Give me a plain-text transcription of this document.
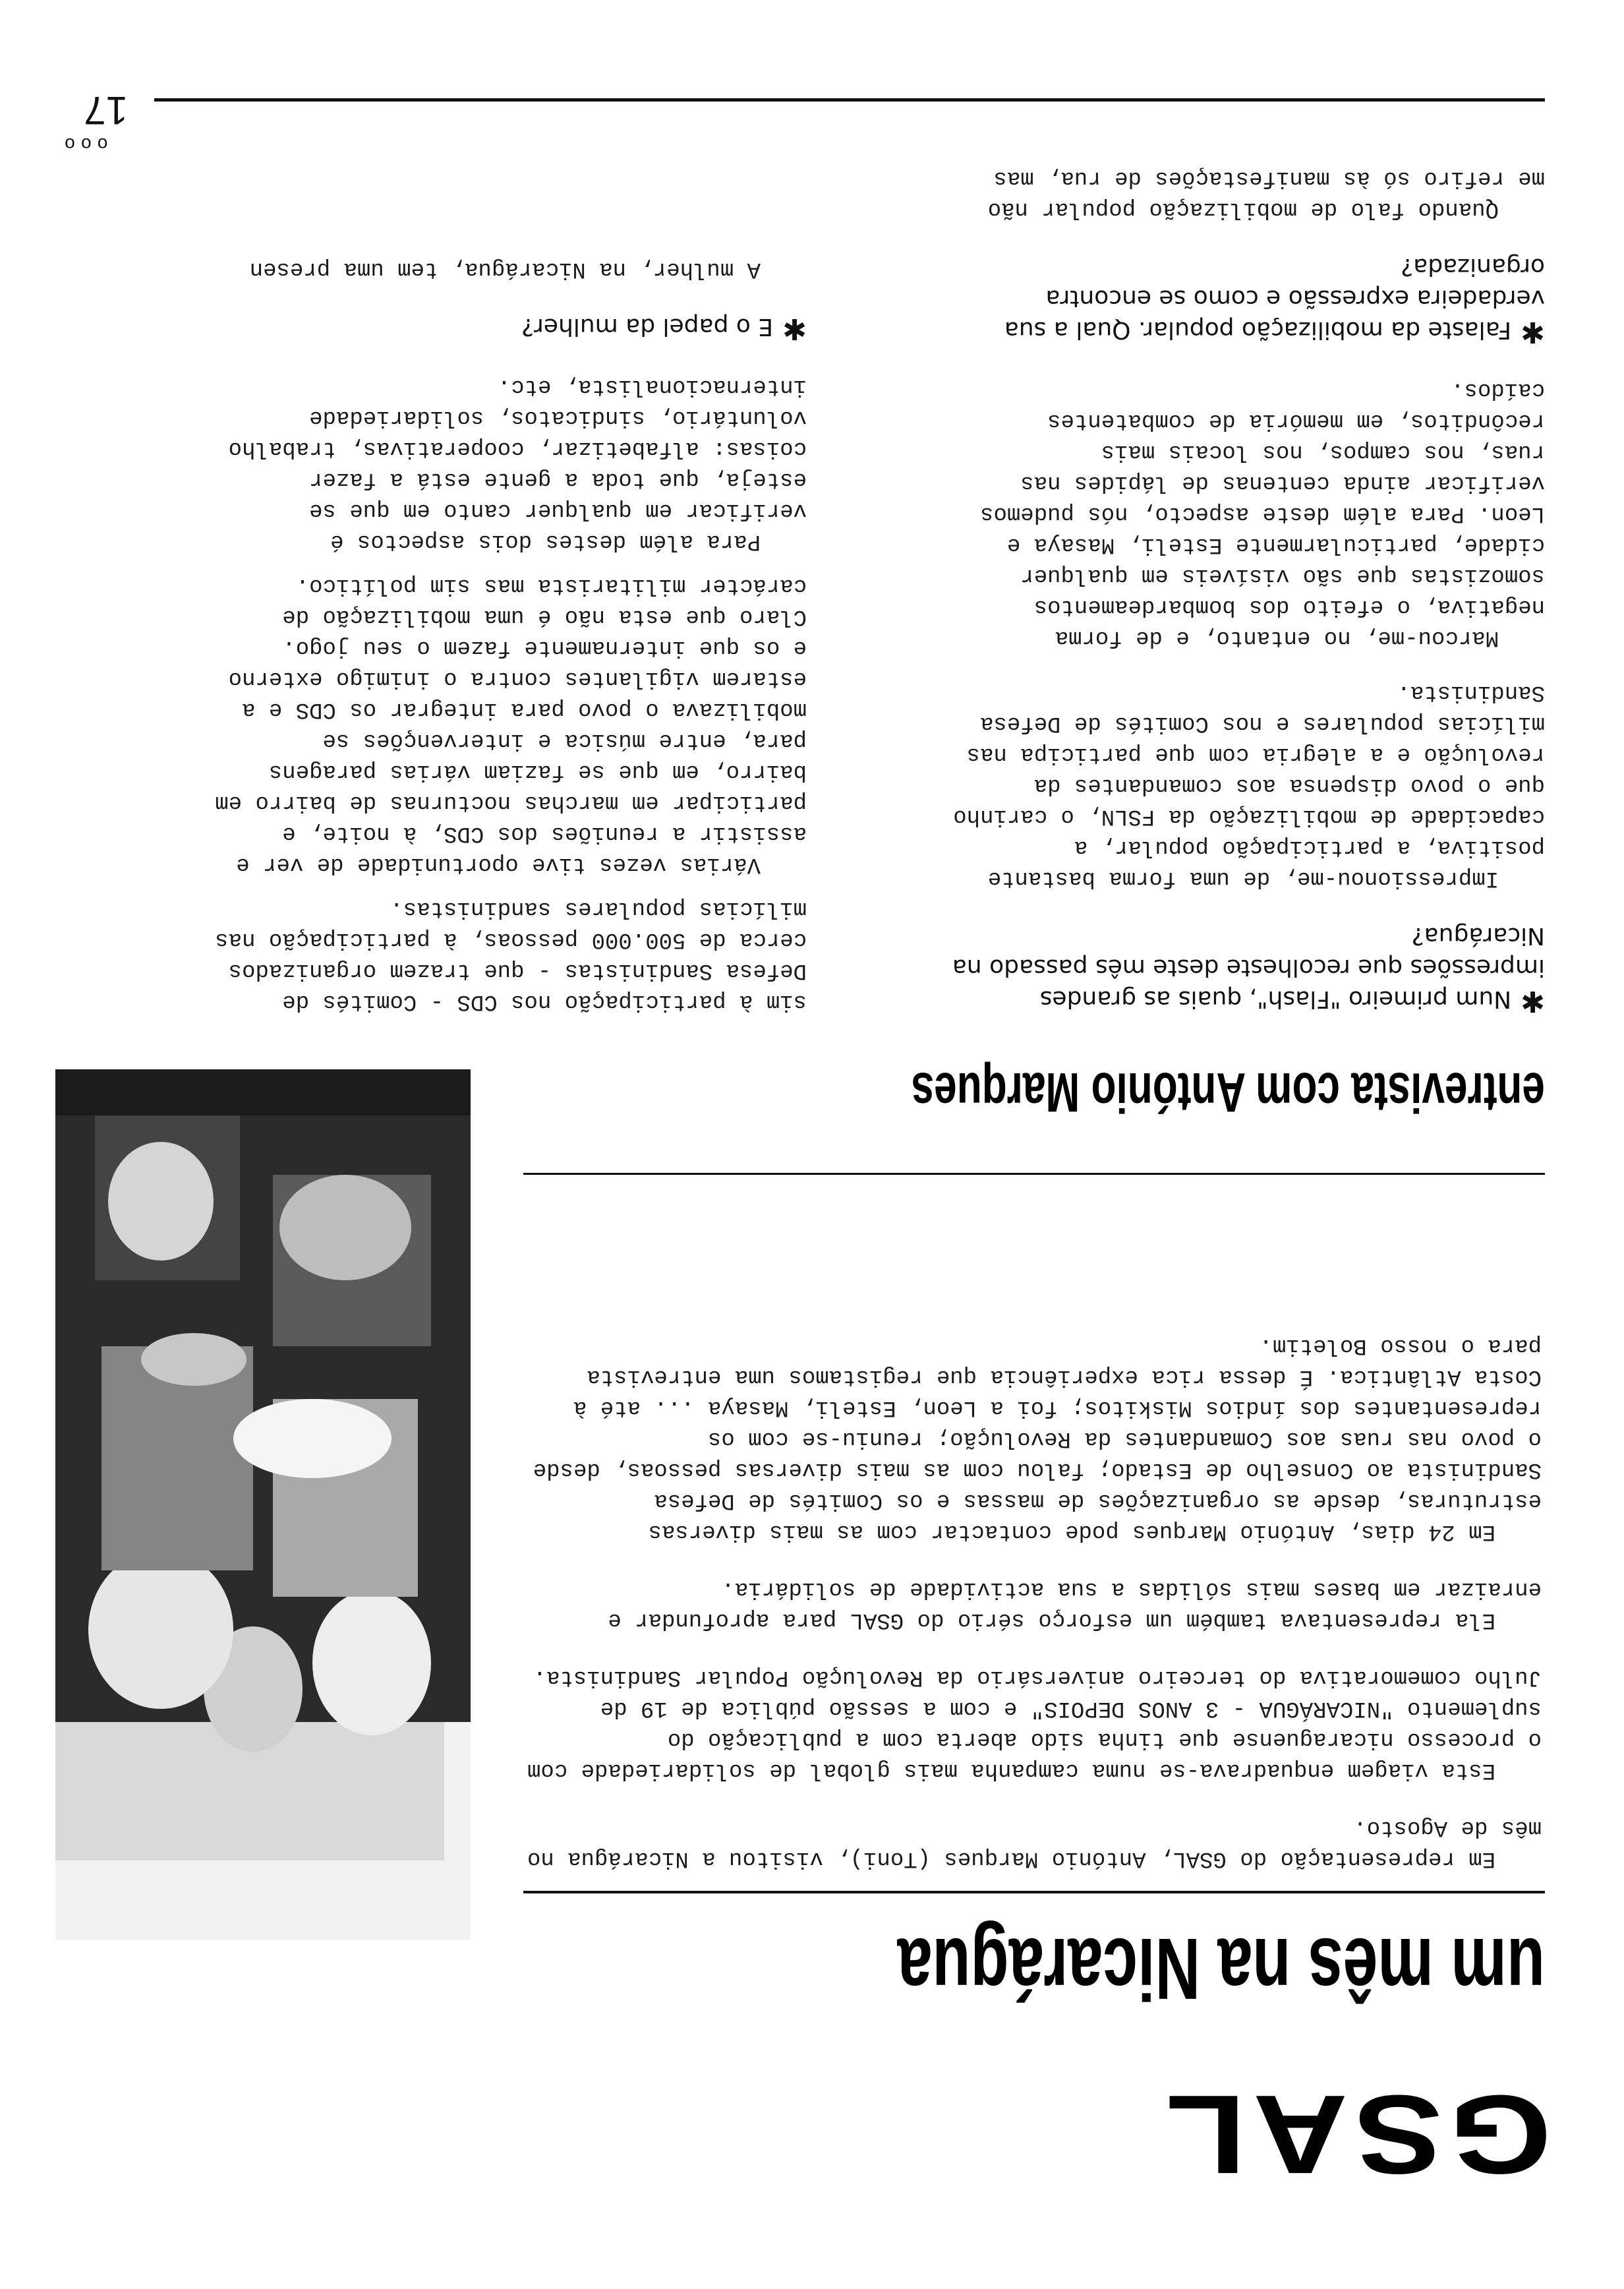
GSAL
um mês na Nicarágua

Em representação do GSAL, António Marques (Toni), visitou a Nicarágua no mês de Agosto.

Esta viagem enquadrava-se numa campanha mais global de solidariedade com o processo nicaraguense que tinha sido aberta com a publicação do suplemento "NICARÁGUA - 3 ANOS DEPOIS" e com a sessão pública de 19 de Julho comemorativa do terceiro aniversário da Revolução Popular Sandinista.

Ela representava também um esforço sério do GSAL para aprofundar e enraizar em bases mais sólidas a sua actividade de solidária.

Em 24 dias, António Marques pode contactar com as mais diversas estruturas, desde as organizações de massas e os Comités de Defesa Sandinista ao Conselho de Estado; falou com as mais diversas pessoas, desde o povo nas ruas aos Comandantes da Revolução; reuniu-se com os representantes dos índios Miskitos; foi a Leon, Esteli, Masaya ... até à Costa Atlântica. É dessa rica experiência que registamos uma entrevista para o nosso Boletim.

entrevista com António Marques

✱Num primeiro "Flash", quais as grandes impressões que recolheste deste mês passado na Nicarágua?

Impressionou-me, de uma forma bastante positiva, a participação popular, a capacidade de mobilização da FSLN, o carinho que o povo dispensa aos comandantes da revolução e a alegria com que participa nas milícias populares e nos Comités de Defesa Sandinista.

Marcou-me, no entanto, e de forma negativa, o efeito dos bombardeamentos somozistas que são visíveis em qualquer cidade, particularmente Esteli, Masaya e Leon. Para além deste aspecto, nós pudemos verificar ainda centenas de lápides nas ruas, nos campos, nos locais mais recônditos, em memória de combatentes caídos.

✱Falaste da mobilização popular. Qual a sua verdadeira expressão e como se encontra organizada?

Quando falo de mobilização popular não me refiro só às manifestações de rua, mas

sim à participação nos CDS - Comités de Defesa Sandinistas - que trazem organizados cerca de 500.000 pessoas, à participação nas milícias populares sandinistas.

Várias vezes tive oportunidade de ver e assistir a reuniões dos CDS, à noite, e participar em marchas nocturnas de bairro em bairro, em que se faziam várias paragens para, entre música e intervenções se mobilizava o povo para integrar os CDS e a estarem vigilantes contra o inimigo externo e os que internamente fazem o seu jogo. Claro que esta não é uma mobilização de carácter militarista mas sim político.

Para além destes dois aspectos é verificar em qualquer canto em que se esteja, que toda a gente está a fazer coisas: alfabetizar, cooperativas, trabalho voluntário, sindicatos, solidariedade internacionalista, etc.

✱E o papel da mulher?

A mulher, na Nicarágua, tem uma presen

ooo
17
